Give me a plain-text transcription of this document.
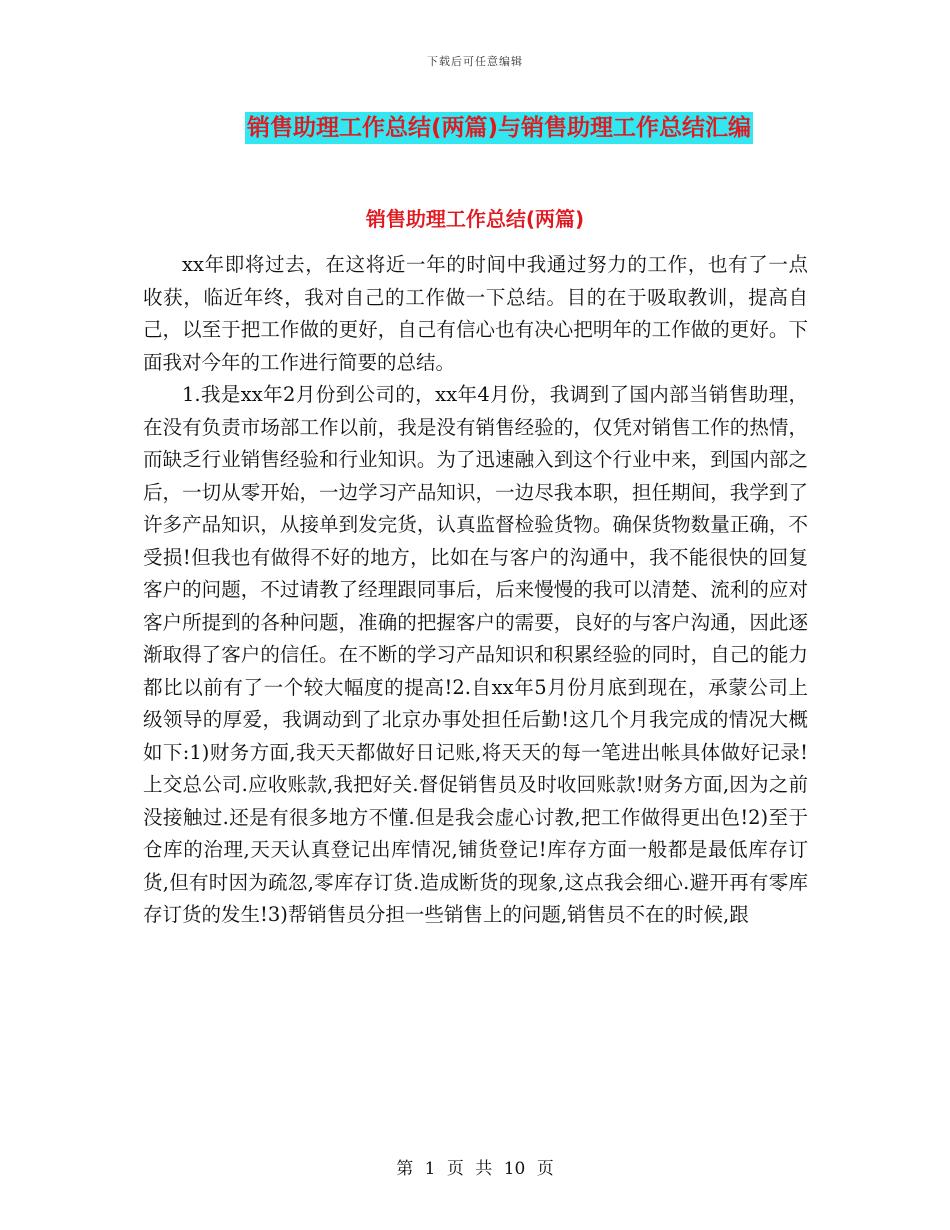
下载后可任意编辑
销售助理工作总结(两篇)与销售助理工作总结汇编
销售助理工作总结(两篇)

xx年即将过去，在这将近一年的时间中我通过努力的工作，也有了一点收获，临近年终，我对自己的工作做一下总结。目的在于吸取教训，提高自己，以至于把工作做的更好，自己有信心也有决心把明年的工作做的更好。下面我对今年的工作进行简要的总结。

1.我是xx年2月份到公司的，xx年4月份，我调到了国内部当销售助理，在没有负责市场部工作以前，我是没有销售经验的，仅凭对销售工作的热情，而缺乏行业销售经验和行业知识。为了迅速融入到这个行业中来，到国内部之后，一切从零开始，一边学习产品知识，一边尽我本职，担任期间，我学到了许多产品知识，从接单到发完货，认真监督检验货物。确保货物数量正确，不受损!但我也有做得不好的地方，比如在与客户的沟通中，我不能很快的回复客户的问题，不过请教了经理跟同事后，后来慢慢的我可以清楚、流利的应对客户所提到的各种问题，准确的把握客户的需要，良好的与客户沟通，因此逐渐取得了客户的信任。在不断的学习产品知识和积累经验的同时，自己的能力都比以前有了一个较大幅度的提高!2.自xx年5月份月底到现在，承蒙公司上级领导的厚爱，我调动到了北京办事处担任后勤!这几个月我完成的情况大概如下:1)财务方面,我天天都做好日记账,将天天的每一笔进出帐具体做好记录!上交总公司.应收账款,我把好关.督促销售员及时收回账款!财务方面,因为之前没接触过.还是有很多地方不懂.但是我会虚心讨教,把工作做得更出色!2)至于仓库的治理,天天认真登记出库情况,铺货登记!库存方面一般都是最低库存订货,但有时因为疏忽,零库存订货.造成断货的现象,这点我会细心.避开再有零库存订货的发生!3)帮销售员分担一些销售上的问题,销售员不在的时候,跟

第 1 页 共 10 页
